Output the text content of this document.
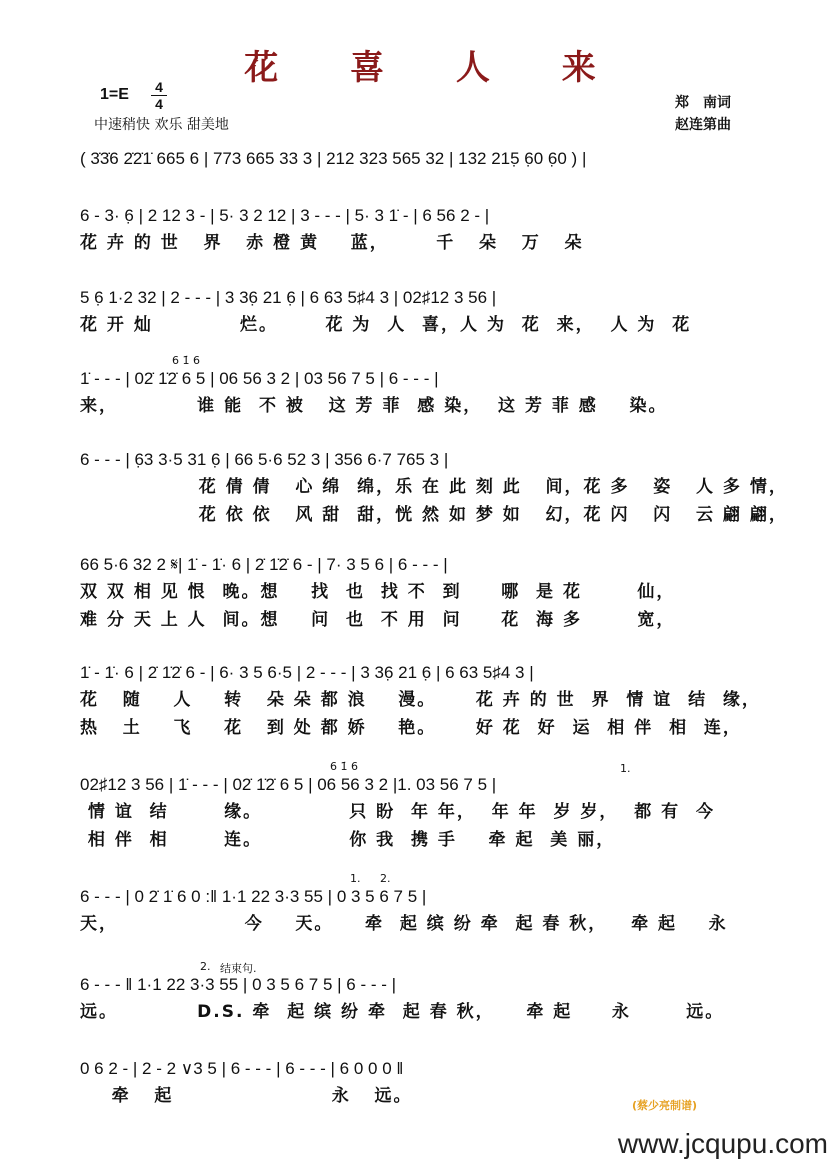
花 喜 人 来
1=E 4
4
中速稍快 欢乐 甜美地
郑　南词
赵连第曲
( 3̇3̇6 2̇2̇1̇ 665 6 | 773 665 33 3 | 212 323 565 32 | 132 215̣ 6̣0 6̣0 ) |
6 - 3· 6̣ | 2 12 3 - | 5· 3 2 12 | 3 - - - | 5· 3 1̇ - | 6 56 2 - |
花 卉 的 世   界   赤 橙 黄    蓝，      千   朵   万   朵
5 6̣ 1·2 32 | 2 - - - | 3 36̣ 21 6̣ | 6 63 5♯4 3 | 02♯12 3 56 |
花 开 灿           烂。      花 为  人  喜，人 为  花  来，  人 为  花
6 1̇ 6
1̇ - - - | 02̇ 1̇2̇ 6 5 | 06 56 3 2 | 03 56 7 5 | 6 - - - |
来，          谁 能  不 被   这 芳 菲  感 染，  这 芳 菲 感    染。
6 - - - | 6̣3 3·5 31 6̣ | 66 5·6 52 3 | 356 6·7 765 3 |
花 倩 倩   心 绵  绵，乐 在 此 刻 此   间，花 多   姿   人 多 情，
花 依 依   风 甜  甜，恍 然 如 梦 如   幻，花 闪   闪   云 翩 翩，
66 5·6 32 2 𝄋| 1̇ - 1̇· 6 | 2̇ 1̇2̇ 6 - | 7· 3 5 6 | 6 - - - |
双 双 相 见 恨  晚。想    找  也  找 不  到     哪  是 花       仙，
难 分 天 上 人  间。想    问  也  不 用  问     花  海 多       宽，
1̇ - 1̇· 6 | 2̇ 1̇2̇ 6 - | 6· 3 5 6·5 | 2 - - - | 3 36̣ 21 6̣ | 6 63 5♯4 3 |
花   随    人    转   朵 朵 都 浪    漫。     花 卉 的 世  界  情 谊  结  缘，
热   土    飞    花   到 处 都 娇    艳。     好 花  好  运  相 伴  相  连，
6 1̇ 6	1.
02♯12 3 56 | 1̇ - - - | 02̇ 1̇2̇ 6 5 | 06 56 3 2 |1. 03 56 7 5 |
情 谊  结       缘。           只 盼  年 年，  年 年  岁 岁，  都 有  今
相 伴  相       连。           你 我  携 手    牵 起  美 丽，
1. 2.
6 - - - | 0 2̇ 1̇ 6 0 :‖ 1·1 22 3·3 55 | 0 3 5 6 7 5 |
天，                今    天。    牵  起 缤 纷 牵  起 春 秋，   牵 起    永
2. 结束句.
6 - - - ‖ 1·1 22 3·3 55 | 0 3 5 6 7 5 | 6 - - - |
远。          D.S. 牵  起 缤 纷 牵  起 春 秋，    牵 起     永       远。
0 6 2 - | 2 - 2 ∨3 5 | 6 - - - | 6 - - - | 6 0 0 0 ‖
牵   起                    永   远。	(蔡少亮制谱)
www.jcqupu.com
